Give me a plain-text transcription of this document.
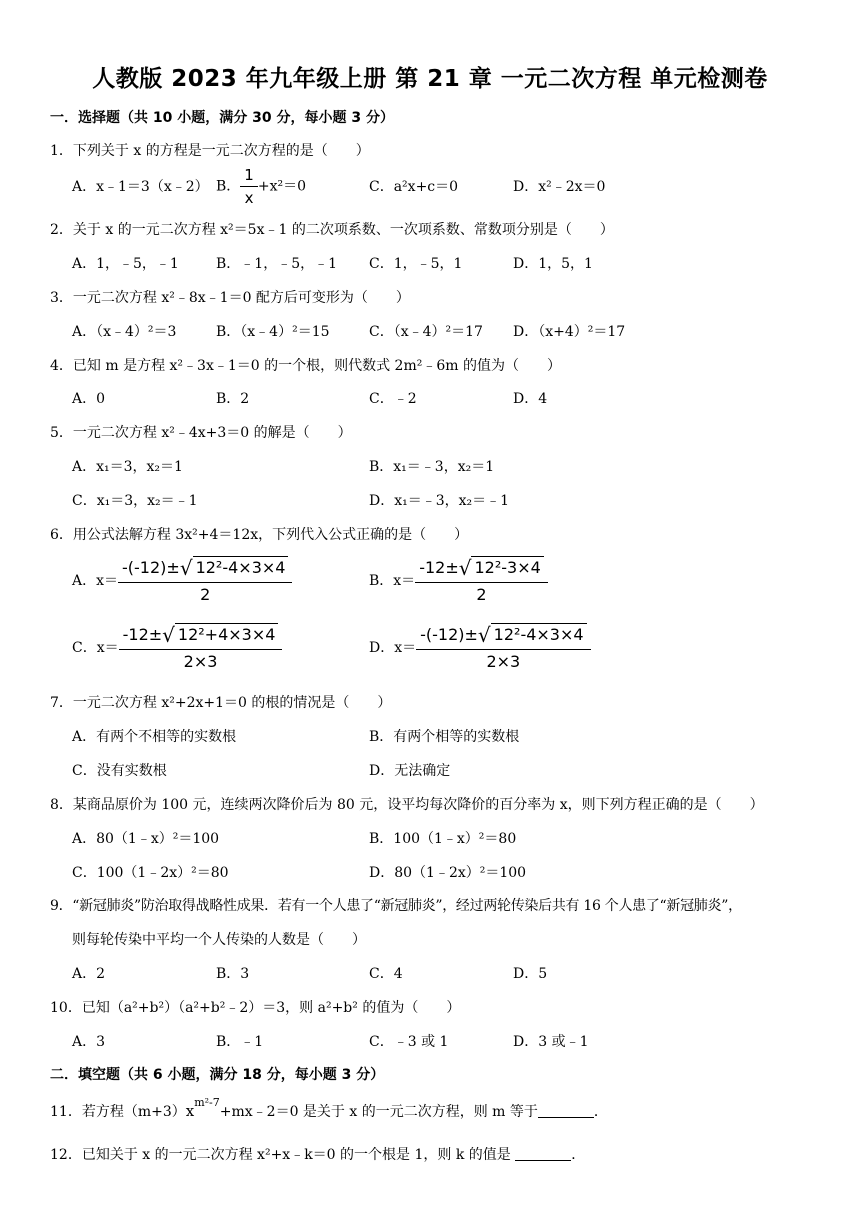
人教版 2023 年九年级上册 第 21 章 一元二次方程 单元检测卷
一．选择题（共 10 小题，满分 30 分，每小题 3 分）
1．下列关于 x 的方程是一元二次方程的是（　　）
A．x﹣1＝3（x﹣2） B． $\frac{1}{x} +x^2=0$	C．a²x+c＝0	D．x²﹣2x＝0
2．关于 x 的一元二次方程 x²＝5x﹣1 的二次项系数、一次项系数、常数项分别是（　　）
A．1，﹣5，﹣1	B．﹣1，﹣5，﹣1 C．1，﹣5，1	D．1，5，1
3．一元二次方程 x²﹣8x﹣1＝0 配方后可变形为（　　）
A．（x﹣4）²＝3	B．（x﹣4）²＝15	C．（x﹣4）²＝17 D．（x+4）²＝17
4．已知 m 是方程 x²﹣3x﹣1＝0 的一个根，则代数式 2m²﹣6m 的值为（　　）
A．0	B．2	C．﹣2	D．4
5．一元二次方程 x²﹣4x+3＝0 的解是（　　）
A．x₁＝3，x₂＝1	B．x₁＝﹣3，x₂＝1
C．x₁＝3，x₂＝﹣1	D．x₁＝﹣3，x₂＝﹣1
6．用公式法解方程 3x²+4＝12x，下列代入公式正确的是（　　）
A．$x= \frac{\text{-(-12)±√ 12²-4×3×4}}{2}$	B．$x= \frac{\text{-12±√ 12²-3×4}}{2}$
C．$x= \frac{\text{-12±√ 12²+4×3×4}}{2\times 3}$	D．$x= \frac{\text{-(-12)±√ 12²-4×3×4}}{2\times 3}$
7．一元二次方程 x²+2x+1＝0 的根的情况是（　　）
A．有两个不相等的实数根	B．有两个相等的实数根
C．没有实数根	D．无法确定
8．某商品原价为 100 元，连续两次降价后为 80 元，设平均每次降价的百分率为 x，则下列方程正确的是（　　）
A．80（1﹣x）²＝100	B．100（1﹣x）²＝80
C．100（1﹣2x）²＝80	D．80（1﹣2x）²＝100
9．“新冠肺炎”防治取得战略性成果．若有一个人患了“新冠肺炎”，经过两轮传染后共有 16 个人患了“新冠肺炎”，
则每轮传染中平均一个人传染的人数是（　　）
A．2	B．3	C．4	D．5
10．已知（a²+b²）（a²+b²﹣2）＝3，则 a²+b² 的值为（　　）
A．3	B．﹣1	C．﹣3 或 1	D．3 或﹣1
二．填空题（共 6 小题，满分 18 分，每小题 3 分）
11．若方程$(m+3)x^{m^2-7}+mx﹣2=0$ 是关于 x 的一元二次方程，则 m 等于	．
12．已知关于 x 的一元二次方程 x²+x﹣k＝0 的一个根是 1，则 k 的值是	．
